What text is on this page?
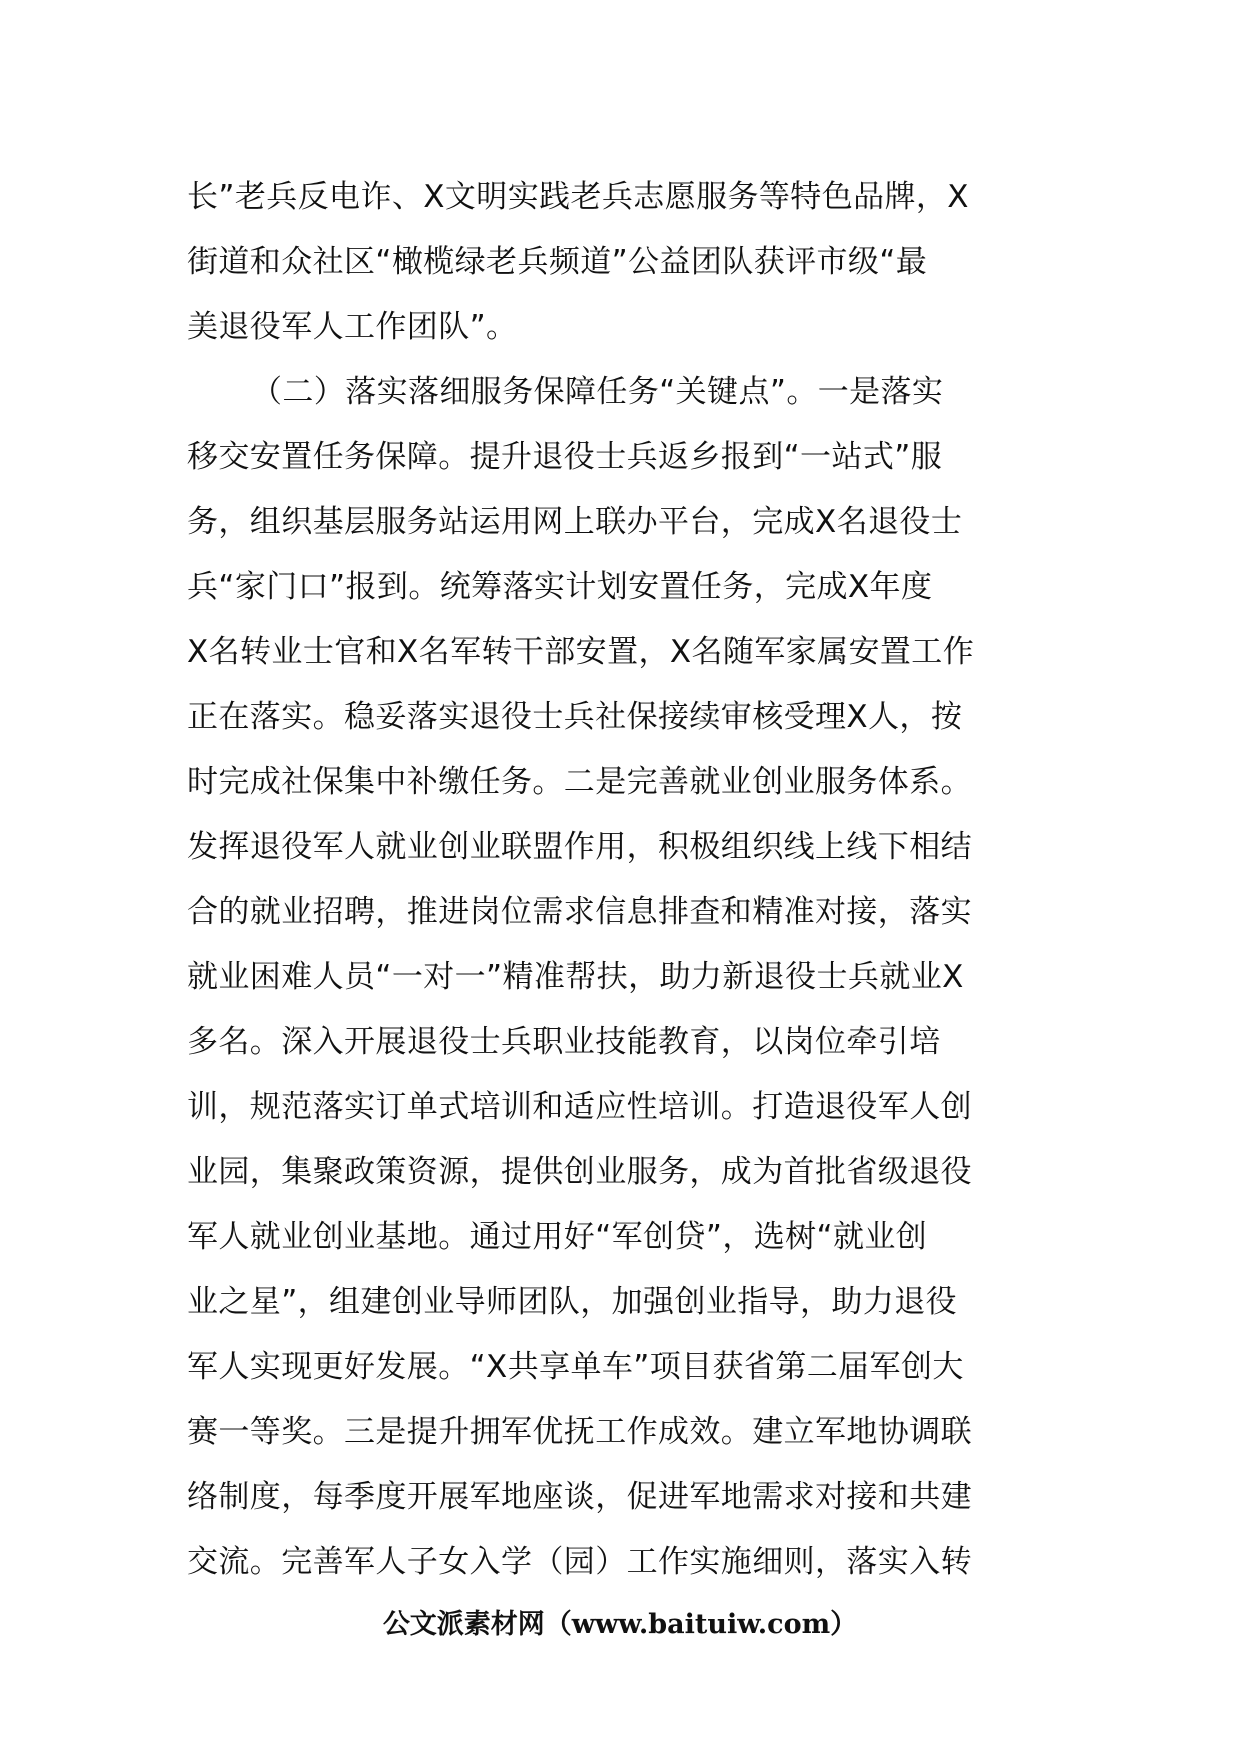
长”老兵反电诈、X文明实践老兵志愿服务等特色品牌，X
街道和众社区“橄榄绿老兵频道”公益团队获评市级“最
美退役军人工作团队”。
（二）落实落细服务保障任务“关键点”。一是落实
移交安置任务保障。提升退役士兵返乡报到“一站式”服
务，组织基层服务站运用网上联办平台，完成X名退役士
兵“家门口”报到。统筹落实计划安置任务，完成X年度
X名转业士官和X名军转干部安置，X名随军家属安置工作
正在落实。稳妥落实退役士兵社保接续审核受理X人，按
时完成社保集中补缴任务。二是完善就业创业服务体系。
发挥退役军人就业创业联盟作用，积极组织线上线下相结
合的就业招聘，推进岗位需求信息排查和精准对接，落实
就业困难人员“一对一”精准帮扶，助力新退役士兵就业X
多名。深入开展退役士兵职业技能教育，以岗位牵引培
训，规范落实订单式培训和适应性培训。打造退役军人创
业园，集聚政策资源，提供创业服务，成为首批省级退役
军人就业创业基地。通过用好“军创贷”，选树“就业创
业之星”，组建创业导师团队，加强创业指导，助力退役
军人实现更好发展。“X共享单车”项目获省第二届军创大
赛一等奖。三是提升拥军优抚工作成效。建立军地协调联
络制度，每季度开展军地座谈，促进军地需求对接和共建
交流。完善军人子女入学（园）工作实施细则，落实入转
公文派素材网（www.baituiw.com）
